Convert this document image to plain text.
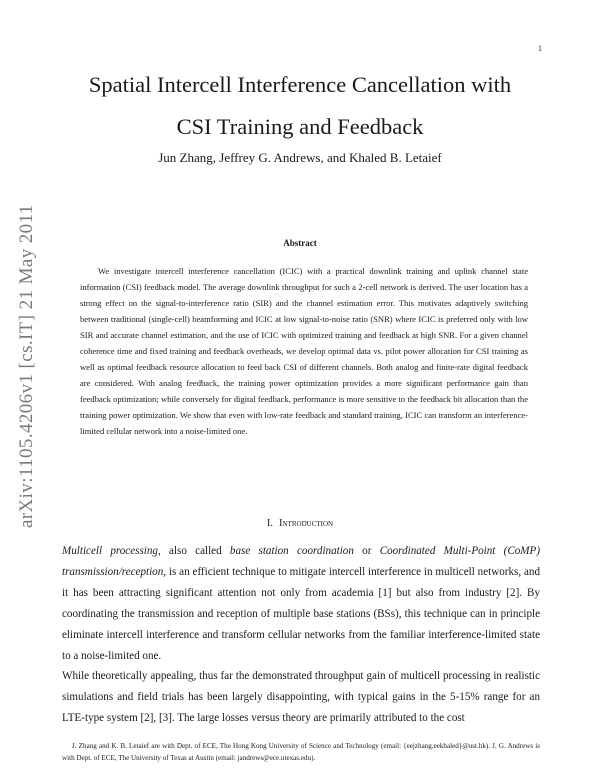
1
arXiv:1105.4206v1 [cs.IT] 21 May 2011
Spatial Intercell Interference Cancellation with
CSI Training and Feedback
Jun Zhang, Jeffrey G. Andrews, and Khaled B. Letaief
Abstract

We investigate intercell interference cancellation (ICIC) with a practical downlink training and uplink channel state information (CSI) feedback model. The average downlink throughput for such a 2-cell network is derived. The user location has a strong effect on the signal-to-interference ratio (SIR) and the channel estimation error. This motivates adaptively switching between traditional (single-cell) beamforming and ICIC at low signal-to-noise ratio (SNR) where ICIC is preferred only with low SIR and accurate channel estimation, and the use of ICIC with optimized training and feedback at high SNR. For a given channel coherence time and fixed training and feedback overheads, we develop optimal data vs. pilot power allocation for CSI training as well as optimal feedback resource allocation to feed back CSI of different channels. Both analog and finite-rate digital feedback are considered. With analog feedback, the training power optimization provides a more significant performance gain than feedback optimization; while conversely for digital feedback, performance is more sensitive to the feedback bit allocation than the training power optimization. We show that even with low-rate feedback and standard training, ICIC can transform an interference-limited cellular network into a noise-limited one.

I. Introduction

Multicell processing, also called base station coordination or Coordinated Multi-Point (CoMP) transmission/reception, is an efficient technique to mitigate intercell interference in multicell networks, and it has been attracting significant attention not only from academia [1] but also from industry [2]. By coordinating the transmission and reception of multiple base stations (BSs), this technique can in principle eliminate intercell interference and transform cellular networks from the familiar interference-limited state to a noise-limited one.

While theoretically appealing, thus far the demonstrated throughput gain of multicell processing in realistic simulations and field trials has been largely disappointing, with typical gains in the 5-15% range for an LTE-type system [2], [3]. The large losses versus theory are primarily attributed to the cost

J. Zhang and K. B. Letaief are with Dept. of ECE, The Hong Kong University of Science and Technology (email: {eejzhang,eekhaled}@ust.hk). J. G. Andrews is with Dept. of ECE, The University of Texas at Austin (email: jandrews@ece.utexas.edu).
